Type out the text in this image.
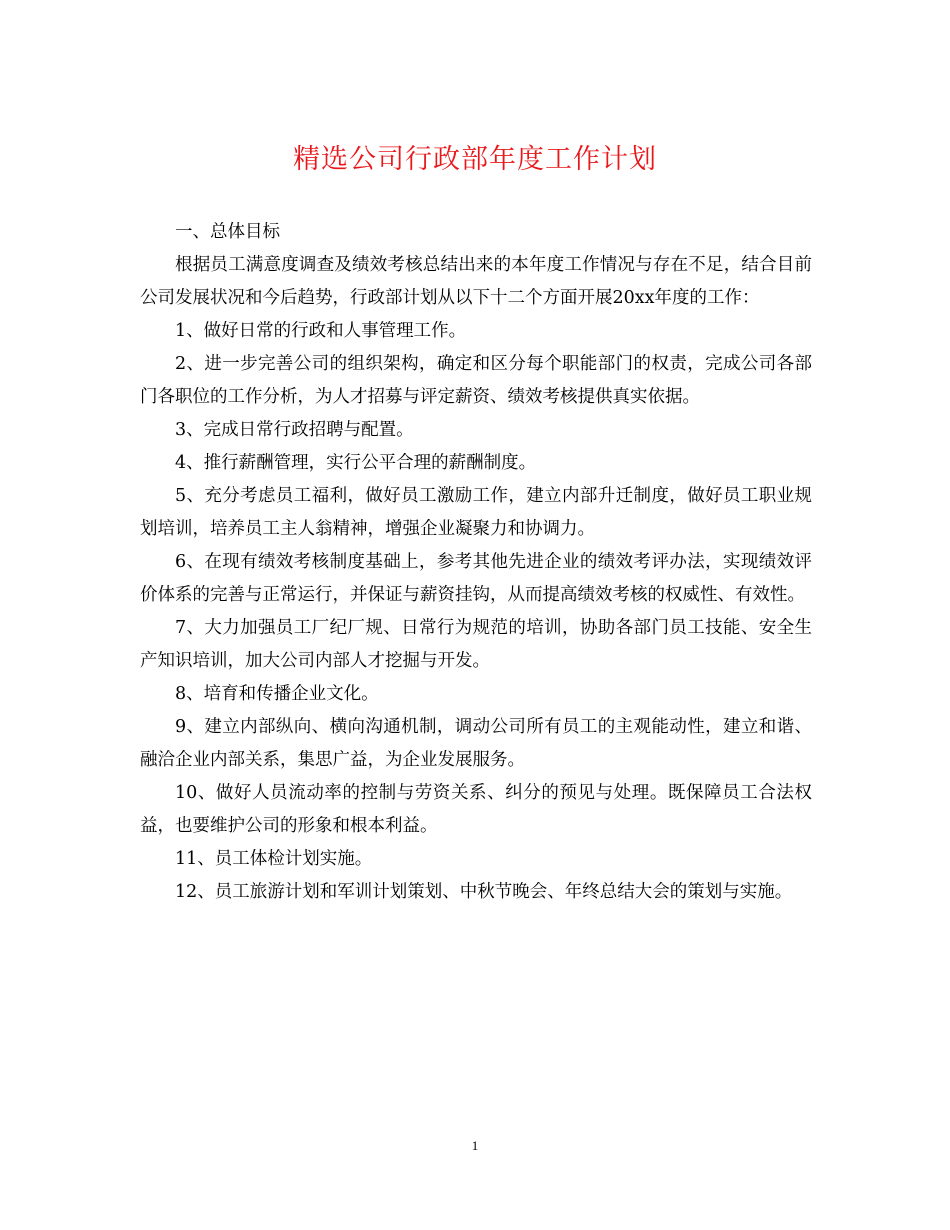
精选公司行政部年度工作计划

一、总体目标

根据员工满意度调查及绩效考核总结出来的本年度工作情况与存在不足，结合目前公司发展状况和今后趋势，行政部计划从以下十二个方面开展20xx年度的工作：

1、做好日常的行政和人事管理工作。

2、进一步完善公司的组织架构，确定和区分每个职能部门的权责，完成公司各部门各职位的工作分析，为人才招募与评定薪资、绩效考核提供真实依据。

3、完成日常行政招聘与配置。

4、推行薪酬管理，实行公平合理的薪酬制度。

5、充分考虑员工福利，做好员工激励工作，建立内部升迁制度，做好员工职业规划培训，培养员工主人翁精神，增强企业凝聚力和协调力。

6、在现有绩效考核制度基础上，参考其他先进企业的绩效考评办法，实现绩效评价体系的完善与正常运行，并保证与薪资挂钩，从而提高绩效考核的权威性、有效性。

7、大力加强员工厂纪厂规、日常行为规范的培训，协助各部门员工技能、安全生产知识培训，加大公司内部人才挖掘与开发。

8、培育和传播企业文化。

9、建立内部纵向、横向沟通机制，调动公司所有员工的主观能动性，建立和谐、融洽企业内部关系，集思广益，为企业发展服务。

10、做好人员流动率的控制与劳资关系、纠分的预见与处理。既保障员工合法权益，也要维护公司的形象和根本利益。

11、员工体检计划实施。

12、员工旅游计划和军训计划策划、中秋节晚会、年终总结大会的策划与实施。

1
